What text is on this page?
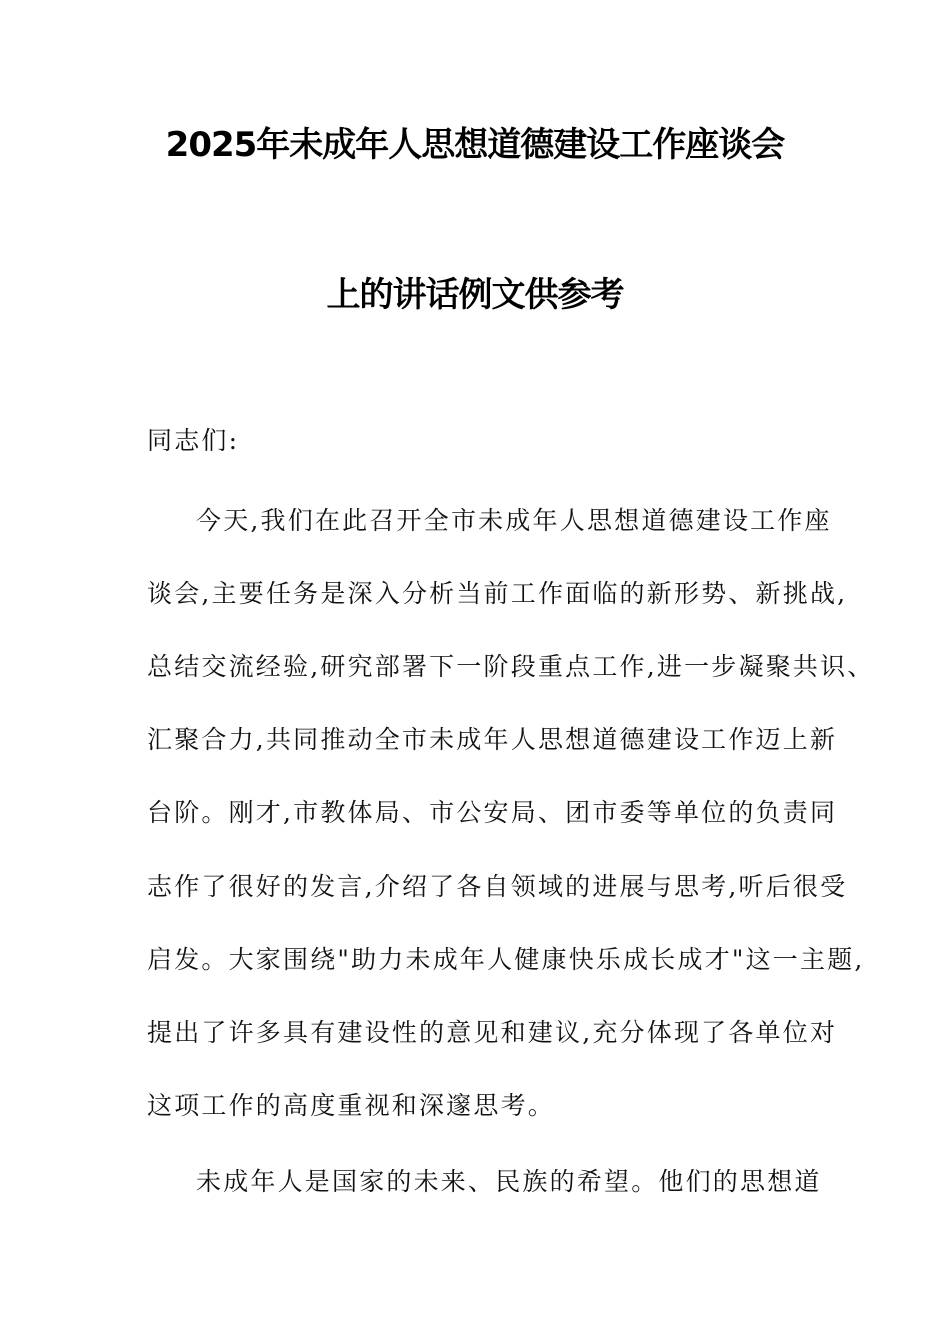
2025年未成年人思想道德建设工作座谈会
上的讲话例文供参考
同志们:
今天,我们在此召开全市未成年人思想道德建设工作座
谈会,主要任务是深入分析当前工作面临的新形势、新挑战,
总结交流经验,研究部署下一阶段重点工作,进一步凝聚共识、
汇聚合力,共同推动全市未成年人思想道德建设工作迈上新
台阶。刚才,市教体局、市公安局、团市委等单位的负责同
志作了很好的发言,介绍了各自领域的进展与思考,听后很受
启发。大家围绕"助力未成年人健康快乐成长成才"这一主题,
提出了许多具有建设性的意见和建议,充分体现了各单位对
这项工作的高度重视和深邃思考。
未成年人是国家的未来、民族的希望。他们的思想道
